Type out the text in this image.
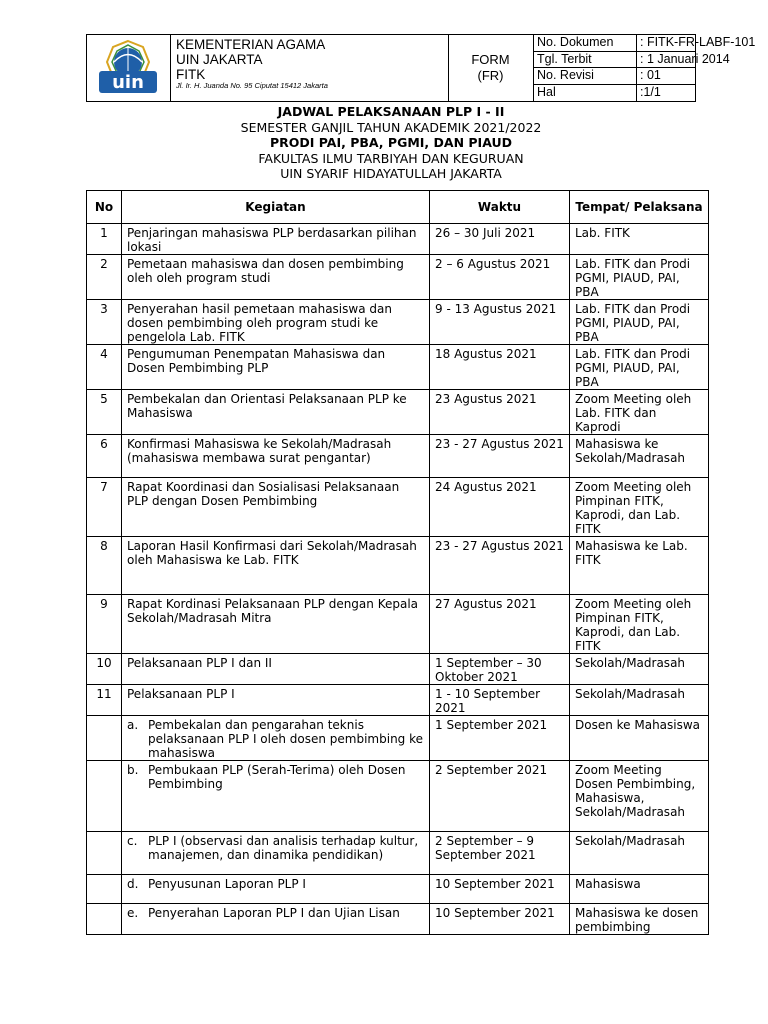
uin
KEMENTERIAN AGAMA
UIN JAKARTA
FITK
Jl. Ir. H. Juanda No. 95 Ciputat 15412 Jakarta
FORM
(FR)
No. Dokumen	: FITK-FR-LABF-101
Tgl. Terbit	: 1 Januari 2014
No. Revisi	: 01
Hal	:1/1
JADWAL PELAKSANAAN PLP I - II
SEMESTER GANJIL TAHUN AKADEMIK 2021/2022
PRODI PAI, PBA, PGMI, DAN PIAUD
FAKULTAS ILMU TARBIYAH DAN KEGURUAN
UIN SYARIF HIDAYATULLAH JAKARTA
No	Kegiatan	Waktu	Tempat/ Pelaksana
1	Penjaringan mahasiswa PLP berdasarkan pilihan lokasi	26 – 30 Juli 2021	Lab. FITK
2	Pemetaan mahasiswa dan dosen pembimbing oleh oleh program studi	2 – 6 Agustus 2021	Lab. FITK dan Prodi PGMI, PIAUD, PAI, PBA
3	Penyerahan hasil pemetaan mahasiswa dan dosen pembimbing oleh program studi ke pengelola Lab. FITK	9 - 13 Agustus 2021	Lab. FITK dan Prodi PGMI, PIAUD, PAI, PBA
4	Pengumuman Penempatan Mahasiswa dan Dosen Pembimbing PLP	18 Agustus 2021	Lab. FITK dan Prodi PGMI, PIAUD, PAI, PBA
5	Pembekalan dan Orientasi Pelaksanaan PLP ke Mahasiswa	23 Agustus 2021	Zoom Meeting oleh Lab. FITK dan Kaprodi
6	Konfirmasi Mahasiswa ke Sekolah/Madrasah (mahasiswa membawa surat pengantar)	23 - 27 Agustus 2021	Mahasiswa ke Sekolah/Madrasah
7	Rapat Koordinasi dan Sosialisasi Pelaksanaan PLP dengan Dosen Pembimbing	24 Agustus 2021	Zoom Meeting oleh Pimpinan FITK, Kaprodi, dan Lab. FITK
8	Laporan Hasil Konfirmasi dari Sekolah/Madrasah oleh Mahasiswa ke Lab. FITK	23 - 27 Agustus 2021	Mahasiswa ke Lab. FITK
9	Rapat Kordinasi Pelaksanaan PLP dengan Kepala Sekolah/Madrasah Mitra	27 Agustus 2021	Zoom Meeting oleh Pimpinan FITK, Kaprodi, dan Lab. FITK
10	Pelaksanaan PLP I dan II	1 September – 30 Oktober 2021	Sekolah/Madrasah
11	Pelaksanaan PLP I	1 - 10 September 2021	Sekolah/Madrasah

	a. Pembekalan dan pengarahan teknis pelaksanaan PLP I oleh dosen pembimbing ke mahasiswa	1 September 2021	Dosen ke Mahasiswa

	b. Pembukaan PLP (Serah-Terima) oleh Dosen Pembimbing	2 September 2021	Zoom Meeting Dosen Pembimbing, Mahasiswa, Sekolah/Madrasah

	c. PLP I (observasi dan analisis terhadap kultur, manajemen, dan dinamika pendidikan)	2 September – 9 September 2021	Sekolah/Madrasah

	d. Penyusunan Laporan PLP I	10 September 2021	Mahasiswa

	e. Penyerahan Laporan PLP I dan Ujian Lisan	10 September 2021	Mahasiswa ke dosen pembimbing
